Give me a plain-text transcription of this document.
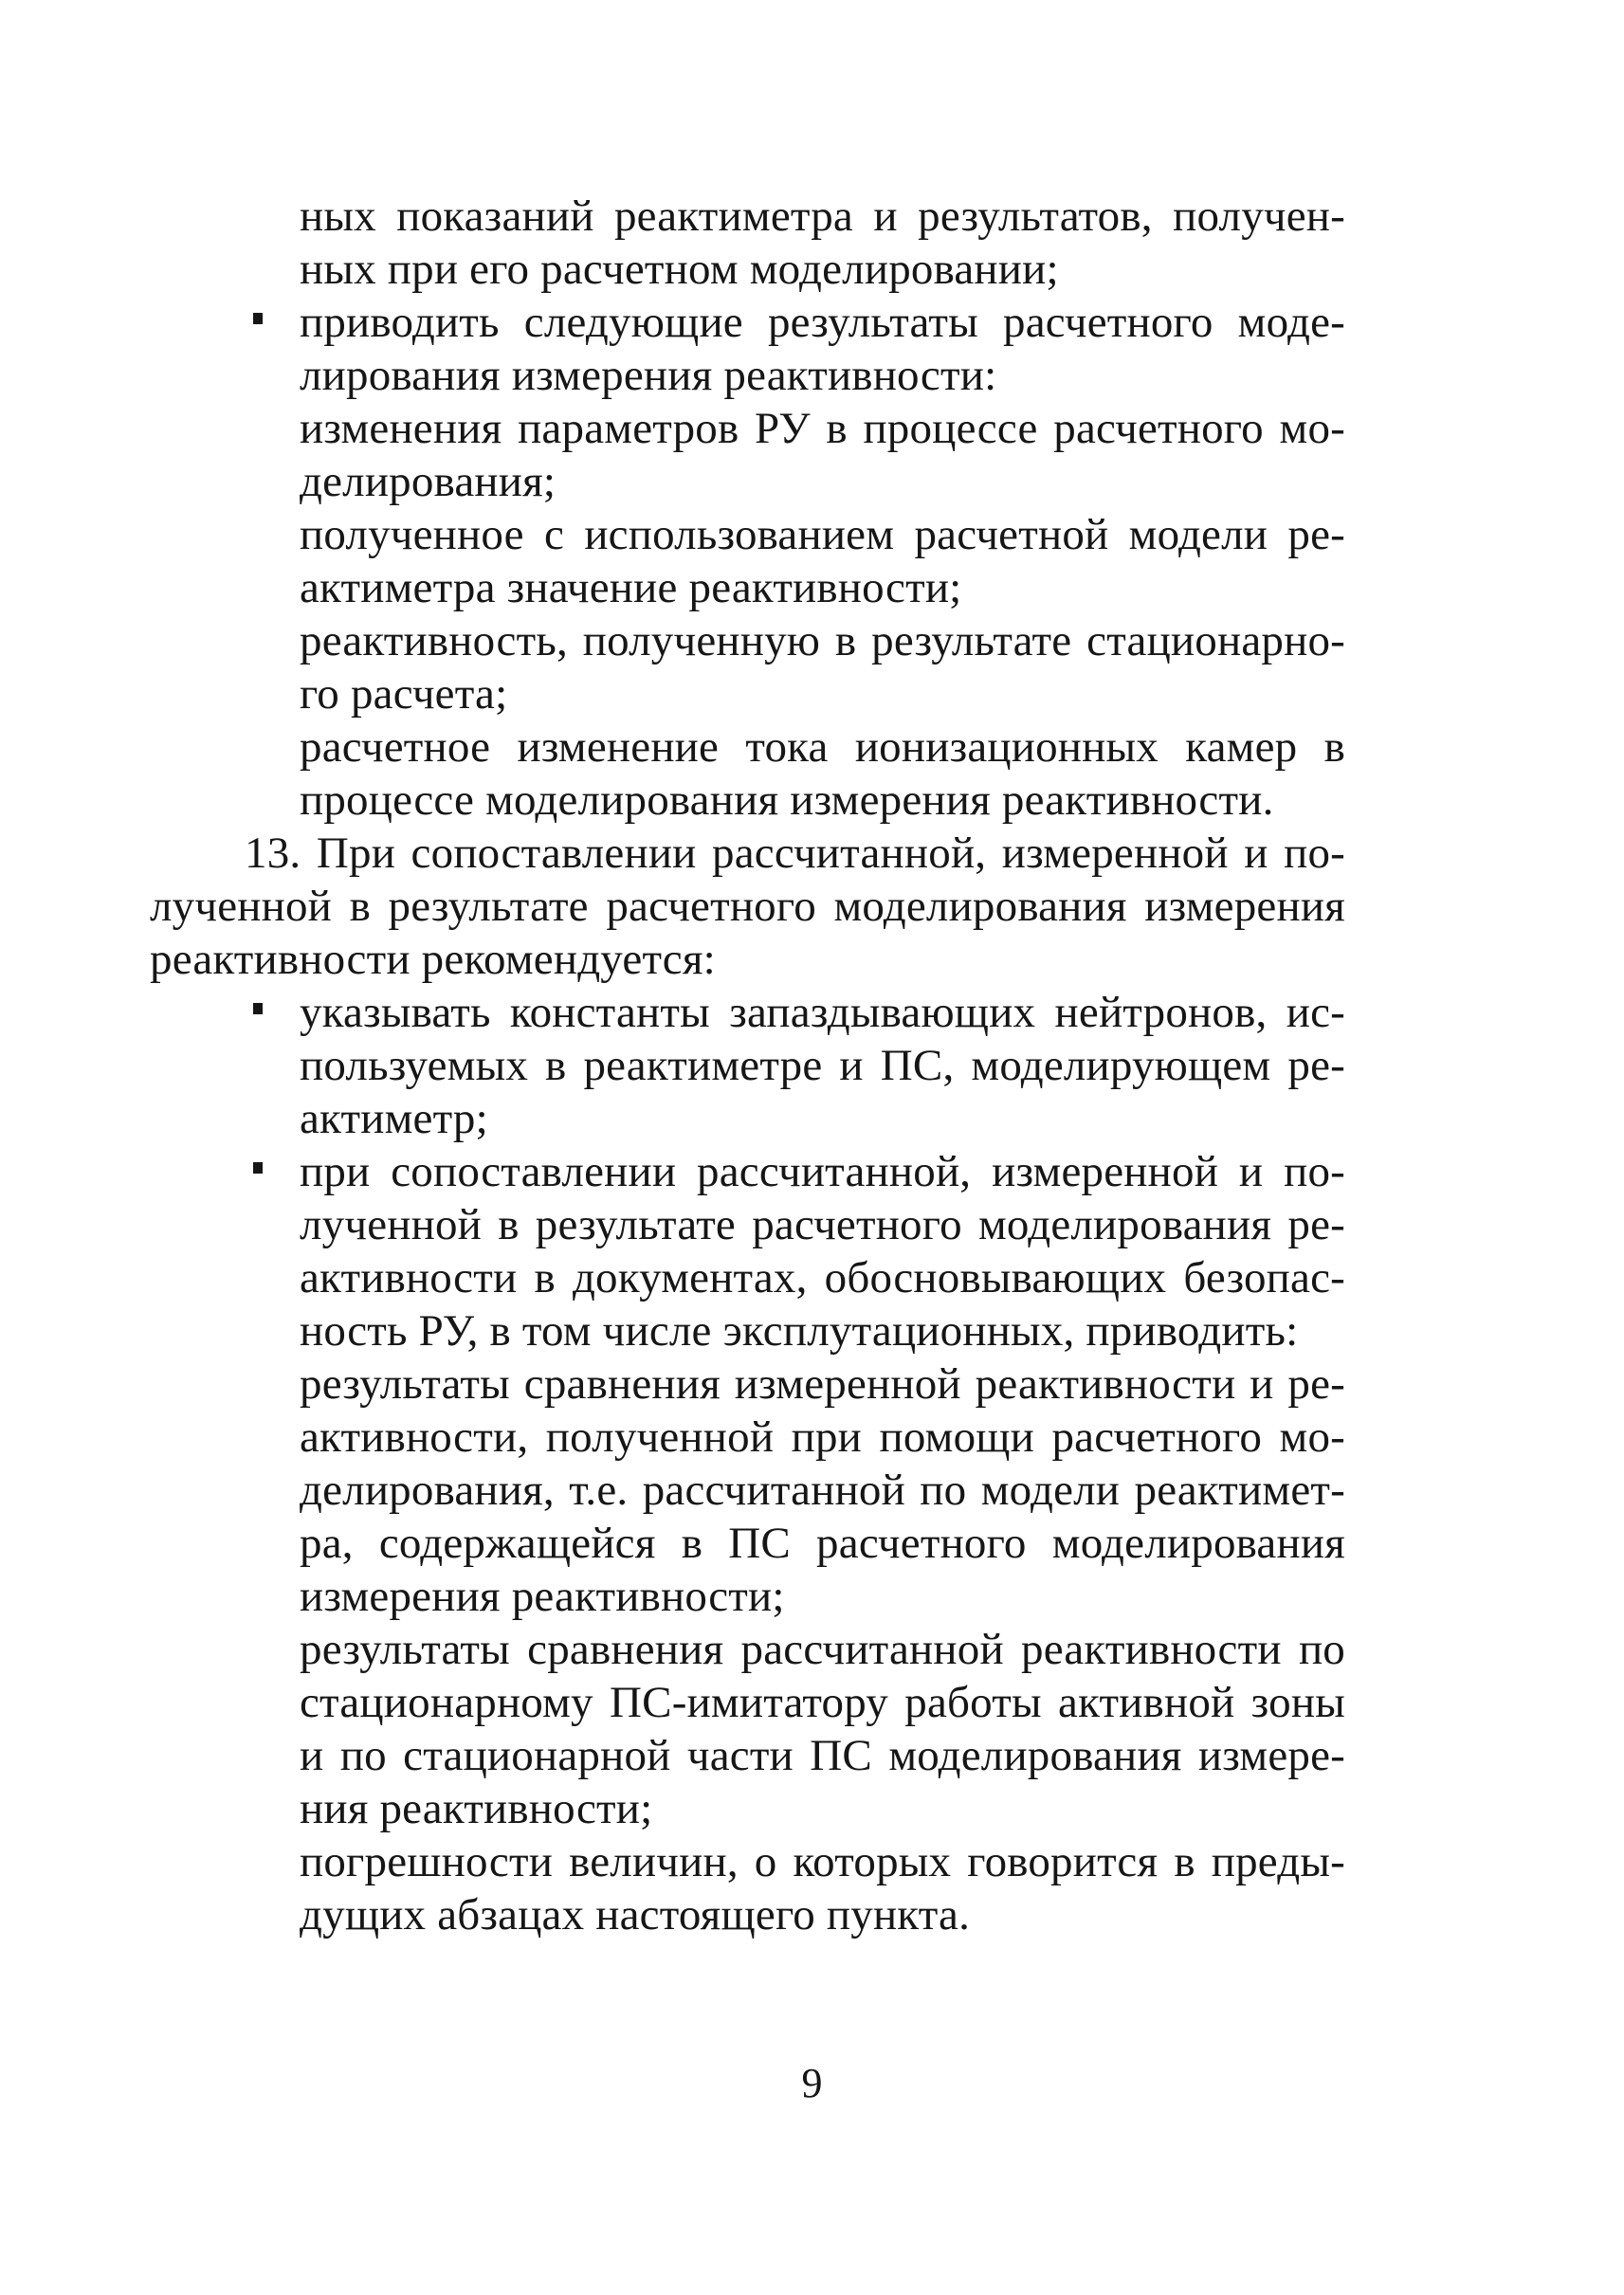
ных показаний реактиметра и результатов, получен-
ных при его расчетном моделировании;
приводить следующие результаты расчетного моде-
лирования измерения реактивности:
изменения параметров РУ в процессе расчетного мо-
делирования;
полученное с использованием расчетной модели ре-
актиметра значение реактивности;
реактивность, полученную в результате стационарно-
го расчета;
расчетное изменение тока ионизационных камер в
процессе моделирования измерения реактивности.
13. При сопоставлении рассчитанной, измеренной и по-
лученной в результате расчетного моделирования измерения
реактивности рекомендуется:
указывать константы запаздывающих нейтронов, ис-
пользуемых в реактиметре и ПС, моделирующем ре-
актиметр;
при сопоставлении рассчитанной, измеренной и по-
лученной в результате расчетного моделирования ре-
активности в документах, обосновывающих безопас-
ность РУ, в том числе эксплутационных, приводить:
результаты сравнения измеренной реактивности и ре-
активности, полученной при помощи расчетного мо-
делирования, т.е. рассчитанной по модели реактимет-
ра, содержащейся в ПС расчетного моделирования
измерения реактивности;
результаты сравнения рассчитанной реактивности по
стационарному ПС-имитатору работы активной зоны
и по стационарной части ПС моделирования измере-
ния реактивности;
погрешности величин, о которых говорится в преды-
дущих абзацах настоящего пункта.
9
